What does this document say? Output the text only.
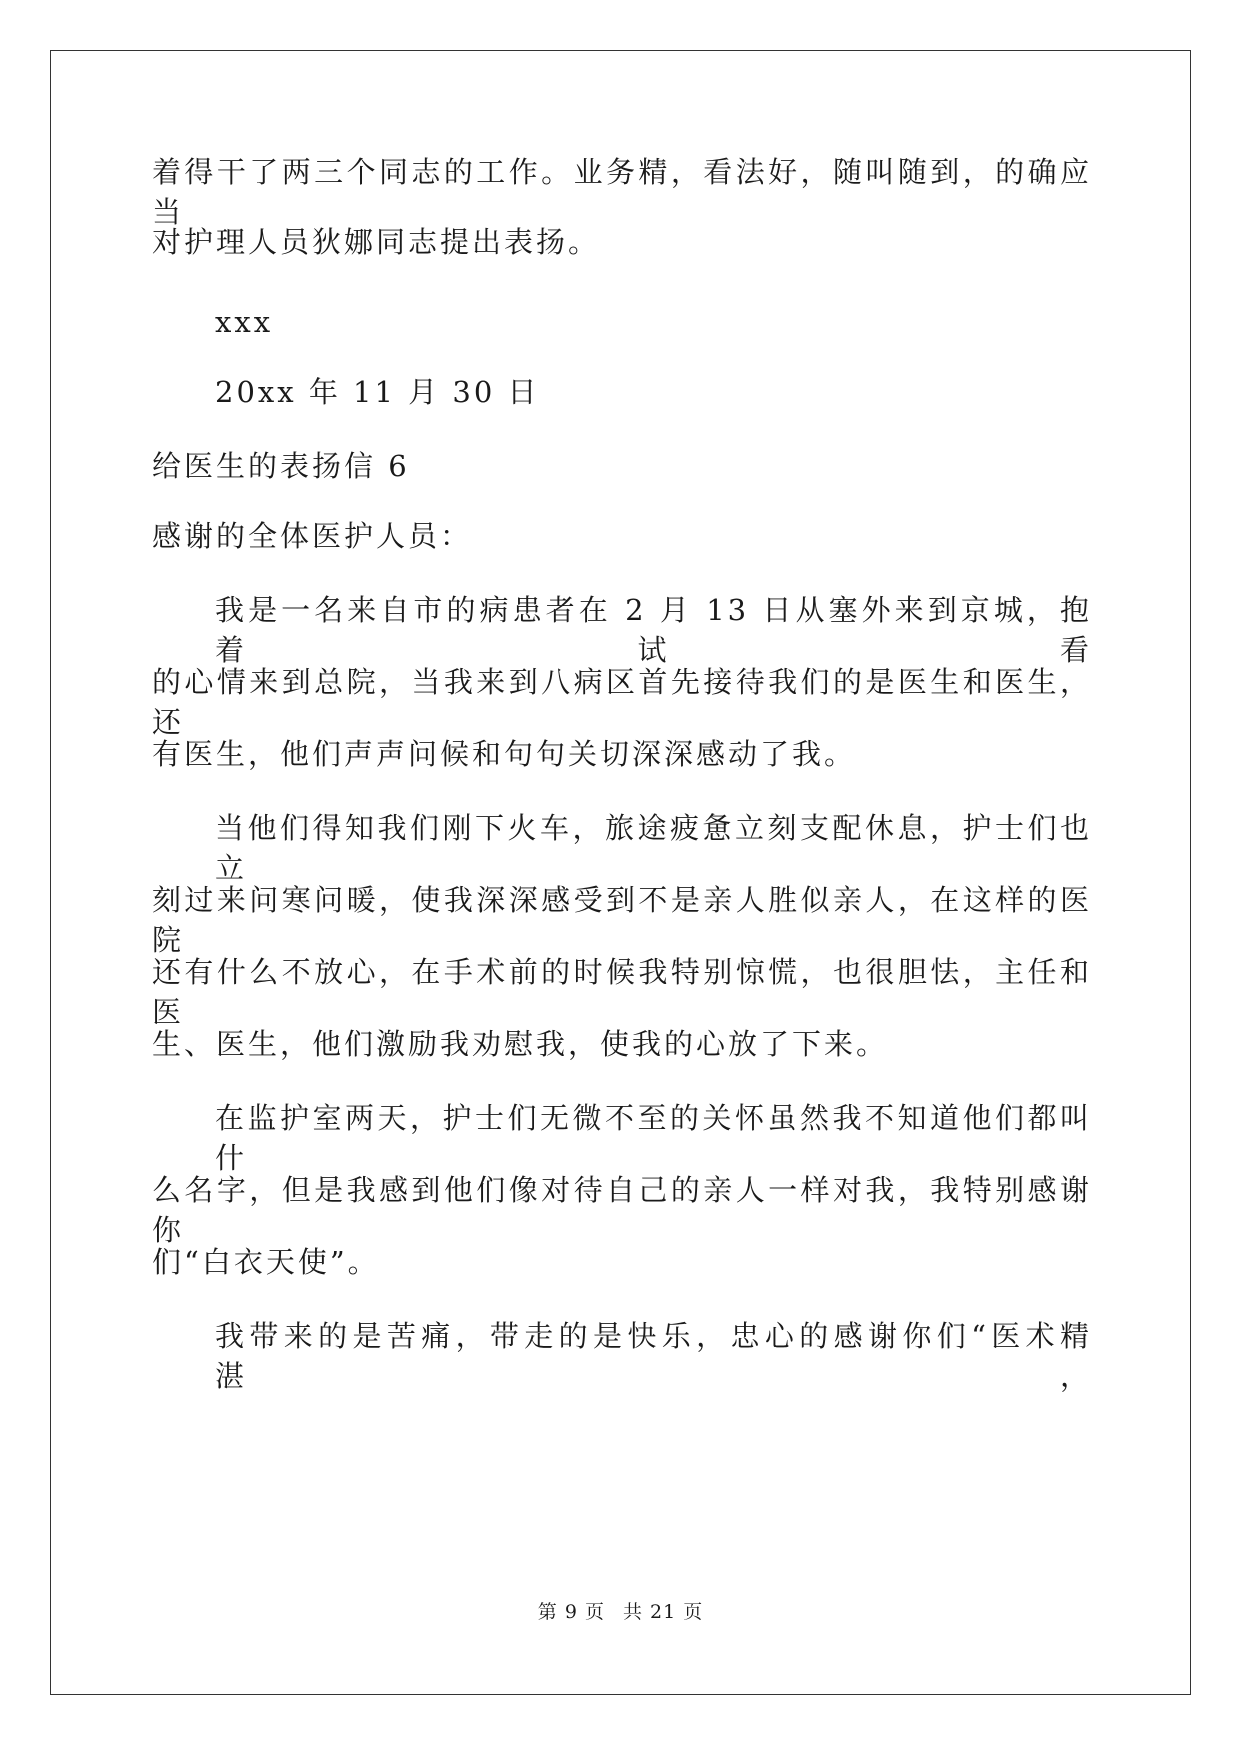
着得干了两三个同志的工作。业务精，看法好，随叫随到，的确应当
对护理人员狄娜同志提出表扬。
xxx
20xx 年 11 月 30 日
给医生的表扬信 6
感谢的全体医护人员：
我是一名来自市的病患者在 2 月 13 日从塞外来到京城，抱着试看
的心情来到总院，当我来到八病区首先接待我们的是医生和医生，还
有医生，他们声声问候和句句关切深深感动了我。
当他们得知我们刚下火车，旅途疲惫立刻支配休息，护士们也立
刻过来问寒问暖，使我深深感受到不是亲人胜似亲人，在这样的医院
还有什么不放心，在手术前的时候我特别惊慌，也很胆怯，主任和医
生、医生，他们激励我劝慰我，使我的心放了下来。
在监护室两天，护士们无微不至的关怀虽然我不知道他们都叫什
么名字，但是我感到他们像对待自己的亲人一样对我，我特别感谢你
们“白衣天使”。
我带来的是苦痛，带走的是快乐，忠心的感谢你们“医术精湛，
第 9 页 共 21 页
